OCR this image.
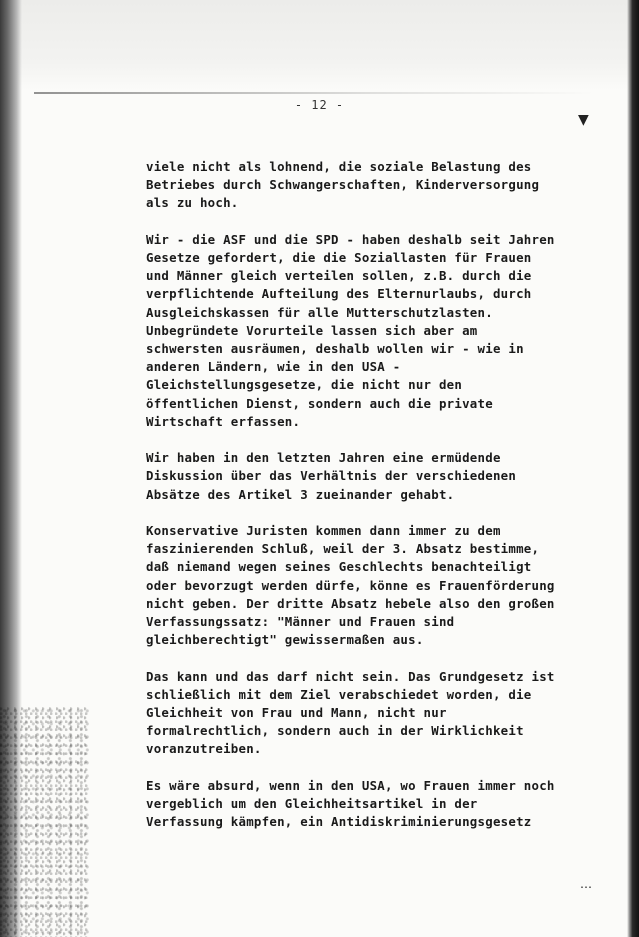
▼
⋯
- 12 -

viele nicht als lohnend, die soziale Belastung des
Betriebes durch Schwangerschaften, Kinderversorgung
als zu hoch.

Wir - die ASF und die SPD - haben deshalb seit Jahren
Gesetze gefordert, die die Soziallasten für Frauen
und Männer gleich verteilen sollen, z.B. durch die
verpflichtende Aufteilung des Elternurlaubs, durch
Ausgleichskassen für alle Mutterschutzlasten.
Unbegründete Vorurteile lassen sich aber am
schwersten ausräumen, deshalb wollen wir - wie in
anderen Ländern, wie in den USA -
Gleichstellungsgesetze, die nicht nur den
öffentlichen Dienst, sondern auch die private
Wirtschaft erfassen.

Wir haben in den letzten Jahren eine ermüdende
Diskussion über das Verhältnis der verschiedenen
Absätze des Artikel 3 zueinander gehabt.

Konservative Juristen kommen dann immer zu dem
faszinierenden Schluß, weil der 3. Absatz bestimme,
daß niemand wegen seines Geschlechts benachteiligt
oder bevorzugt werden dürfe, könne es Frauenförderung
nicht geben. Der dritte Absatz hebele also den großen
Verfassungssatz: "Männer und Frauen sind
gleichberechtigt" gewissermaßen aus.

Das kann und das darf nicht sein. Das Grundgesetz ist
schließlich mit dem Ziel verabschiedet worden, die
Gleichheit von Frau und Mann, nicht nur
formalrechtlich, sondern auch in der Wirklichkeit
voranzutreiben.

Es wäre absurd, wenn in den USA, wo Frauen immer noch
vergeblich um den Gleichheitsartikel in der
Verfassung kämpfen, ein Antidiskriminierungsgesetz
